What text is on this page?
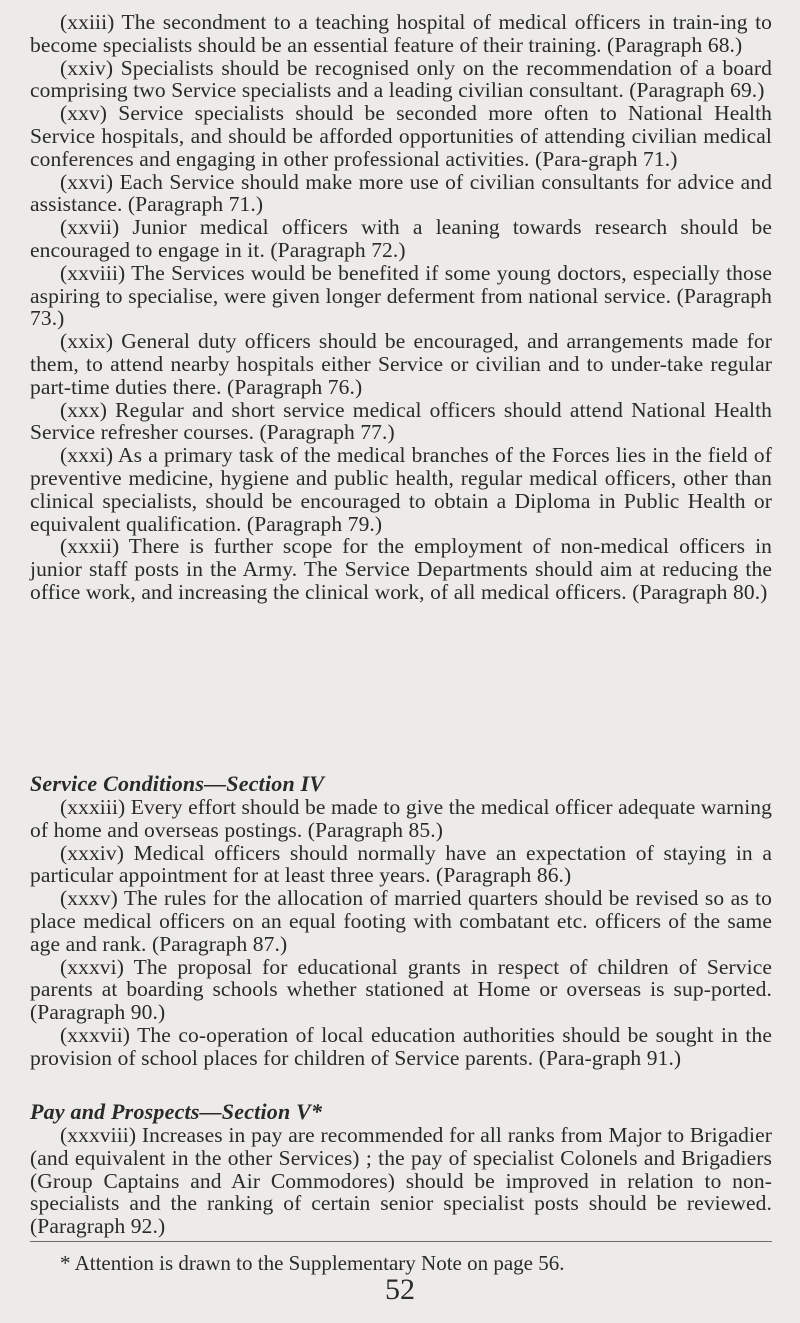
(xxiii) The secondment to a teaching hospital of medical officers in train-ing to become specialists should be an essential feature of their training. (Paragraph 68.)

(xxiv) Specialists should be recognised only on the recommendation of a board comprising two Service specialists and a leading civilian consultant. (Paragraph 69.)

(xxv) Service specialists should be seconded more often to National Health Service hospitals, and should be afforded opportunities of attending civilian medical conferences and engaging in other professional activities. (Para-graph 71.)

(xxvi) Each Service should make more use of civilian consultants for advice and assistance. (Paragraph 71.)

(xxvii) Junior medical officers with a leaning towards research should be encouraged to engage in it. (Paragraph 72.)

(xxviii) The Services would be benefited if some young doctors, especially those aspiring to specialise, were given longer deferment from national service. (Paragraph 73.)

(xxix) General duty officers should be encouraged, and arrangements made for them, to attend nearby hospitals either Service or civilian and to under-take regular part-time duties there. (Paragraph 76.)

(xxx) Regular and short service medical officers should attend National Health Service refresher courses. (Paragraph 77.)

(xxxi) As a primary task of the medical branches of the Forces lies in the field of preventive medicine, hygiene and public health, regular medical officers, other than clinical specialists, should be encouraged to obtain a Diploma in Public Health or equivalent qualification. (Paragraph 79.)

(xxxii) There is further scope for the employment of non-medical officers in junior staff posts in the Army. The Service Departments should aim at reducing the office work, and increasing the clinical work, of all medical officers. (Paragraph 80.)

Service Conditions—Section IV

(xxxiii) Every effort should be made to give the medical officer adequate warning of home and overseas postings. (Paragraph 85.)

(xxxiv) Medical officers should normally have an expectation of staying in a particular appointment for at least three years. (Paragraph 86.)

(xxxv) The rules for the allocation of married quarters should be revised so as to place medical officers on an equal footing with combatant etc. officers of the same age and rank. (Paragraph 87.)

(xxxvi) The proposal for educational grants in respect of children of Service parents at boarding schools whether stationed at Home or overseas is sup-ported. (Paragraph 90.)

(xxxvii) The co-operation of local education authorities should be sought in the provision of school places for children of Service parents. (Para-graph 91.)

Pay and Prospects—Section V*

(xxxviii) Increases in pay are recommended for all ranks from Major to Brigadier (and equivalent in the other Services) ; the pay of specialist Colonels and Brigadiers (Group Captains and Air Commodores) should be improved in relation to non-specialists and the ranking of certain senior specialist posts should be reviewed. (Paragraph 92.)

* Attention is drawn to the Supplementary Note on page 56.

52
